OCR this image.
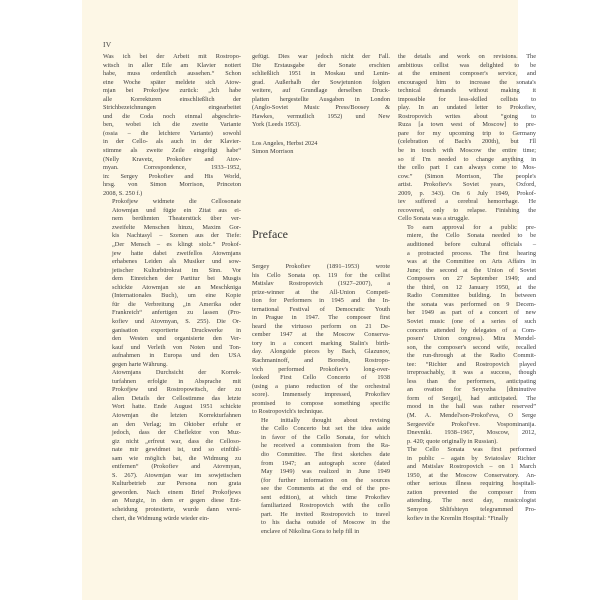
IV

Was ich bei der Arbeit mit Rostropo-
witsch in aller Eile am Klavier notiert
habe, muss ordentlich aussehen.“ Schon
eine Woche später meldete sich Atow-
mjan bei Prokofjew zurück: „Ich habe
alle Korrekturen einschließlich der
Strichbezeichnungen eingearbeitet
und die Coda noch einmal abgeschrie-
ben, wobei ich die zweite Variante
(ossia – die leichtere Variante) sowohl
in der Cello- als auch in der Klavier-
stimme als zweite Zeile eingefügt habe“
(Nelly Kravetz, Prokofiev and Atov-
myan. Correspondence, 1933–1952,
in: Sergey Prokofiev and His World,
hrsg. von Simon Morrison, Princeton
2008, S. 250 f.)

Prokofjew widmete die Cellosonate
Atowmjan und fügte ein Zitat aus ei-
nem berühmten Theaterstück über ver-
zweifelte Menschen hinzu, Maxim Gor-
kis Nachtasyl – Szenen aus der Tiefe:
„Der Mensch – es klingt stolz.“ Prokof-
jew hatte dabei zweifellos Atowmjans
erhabenes Leiden als Musiker und sow-
jetischer Kulturbürokrat im Sinn. Vor
dem Einreichen der Partitur bei Musgis
schickte Atowmjan sie an Meschkniga
(Internationales Buch), um eine Kopie
für die Verbreitung „in Amerika oder
Frankreich“ anfertigen zu lassen (Pro-
kofiev und Atovmyan, S. 255). Die Or-
ganisation exportierte Druckwerke in
den Westen und organisierte den Ver-
kauf und Verleih von Noten und Ton-
aufnahmen in Europa und den USA
gegen harte Währung.

Atowmjans Durchsicht der Korrek-
turfahnen erfolgte in Absprache mit
Prokofjew und Rostropowitsch, der zu
allen Details der Cellostimme das letzte
Wort hatte. Ende August 1951 schickte
Atowmjan die letzten Korrekturfahnen
an den Verlag; im Oktober erfuhr er
jedoch, dass der Cheflektor von Muz-
giz nicht „erfreut war, dass die Celloso-
nate mir gewidmet ist, und so einfühl-
sam wie möglich bat, die Widmung zu
entfernen“ (Prokofiev and Atovmyan,
S. 267). Atowmjan war im sowjetischen
Kulturbetrieb zur Persona non grata
geworden. Nach einem Brief Prokofjews
an Muzgiz, in dem er gegen diese Ent-
scheidung protestierte, wurde dann versi-
chert, die Widmung würde wieder ein-

gefügt. Dies war jedoch nicht der Fall.
Die Erstausgabe der Sonate erschien
schließlich 1951 in Moskau und Lenin-
grad. Außerhalb der Sowjetunion folgten
weitere, auf Grundlage derselben Druck-
platten hergestellte Ausgaben in London
(Anglo-Soviet Music Press/Boosey &
Hawkes, vermutlich 1952) und New
York (Leeds 1953).

Los Angeles, Herbst 2024
Simon Morrison
Preface

Sergey Prokofiev (1891–1953) wrote
his Cello Sonata op. 119 for the cellist
Mstislav Rostropovich (1927–2007), a
prize-winner at the All-Union Competi-
tion for Performers in 1945 and the In-
ternational Festival of Democratic Youth
in Prague in 1947. The composer first
heard the virtuoso perform on 21 De-
cember 1947 at the Moscow Conserva-
tory in a concert marking Stalin's birth-
day. Alongside pieces by Bach, Glazunov,
Rachmaninoff, and Borodin, Rostropo-
vich performed Prokofiev's long-over-
looked First Cello Concerto of 1938
(using a piano reduction of the orchestral
score). Immensely impressed, Prokofiev
promised to compose something specific
to Rostropovich's technique.

He initially thought about revising
the Cello Concerto but set the idea aside
in favor of the Cello Sonata, for which
he received a commission from the Ra-
dio Committee. The first sketches date
from 1947; an autograph score (dated
May 1949) was realized in June 1949
(for further information on the sources
see the Comments at the end of the pre-
sent edition), at which time Prokofiev
familiarized Rostropovich with the cello
part. He invited Rostropovich to travel
to his dacha outside of Moscow in the
enclave of Nikolina Gora to help fill in

the details and work on revisions. The
ambitious cellist was delighted to be
at the eminent composer's service, and
encouraged him to increase the sonata's
technical demands without making it
impossible for less-skilled cellists to
play. In an undated letter to Prokofiev,
Rostropovich writes about “going to
Ruza [a town west of Moscow] to pre-
pare for my upcoming trip to Germany
(celebration of Bach's 200th), but I'll
be in touch with Moscow the entire time;
so if I'm needed to change anything in
the cello part I can always come to Mos-
cow.” (Simon Morrison, The people's
artist. Prokofiev's Soviet years, Oxford,
2009, p. 343). On 6 July 1949, Prokof-
iev suffered a cerebral hemorrhage. He
recovered, only to relapse. Finishing the
Cello Sonata was a struggle.

To earn approval for a public pre-
miere, the Cello Sonata needed to be
auditioned before cultural officials –
a protracted process. The first hearing
was at the Committee on Arts Affairs in
June; the second at the Union of Soviet
Composers on 27 September 1949; and
the third, on 12 January 1950, at the
Radio Committee building. In between
the sonata was performed on 9 Decem-
ber 1949 as part of a concert of new
Soviet music (one of a series of such
concerts attended by delegates of a Com-
posers' Union congress). Mira Mendel-
son, the composer's second wife, recalled
the run-through at the Radio Commit-
tee: “Richter and Rostropovich played
irreproachably, it was a success, though
less than the performers, anticipating
an ovation for Seryozha [diminutive
form of Sergei], had anticipated. The
mood in the hall was rather reserved”
(M. A. Mendel'son-Prokof'eva, O Serge
Sergeeviče Prokof'eve. Vospominanija.
Dnevniki. 1938–1967, Moscow, 2012,
p. 420; quote originally in Russian).

The Cello Sonata was first performed
in public – again by Sviatoslav Richter
and Mstislav Rostropovich – on 1 March
1950, at the Moscow Conservatory. An-
other serious illness requiring hospitali-
zation prevented the composer from
attending. The next day, musicologist
Semyon Shlifshteyn telegrammed Pro-
kofiev in the Kremlin Hospital: “Finally
